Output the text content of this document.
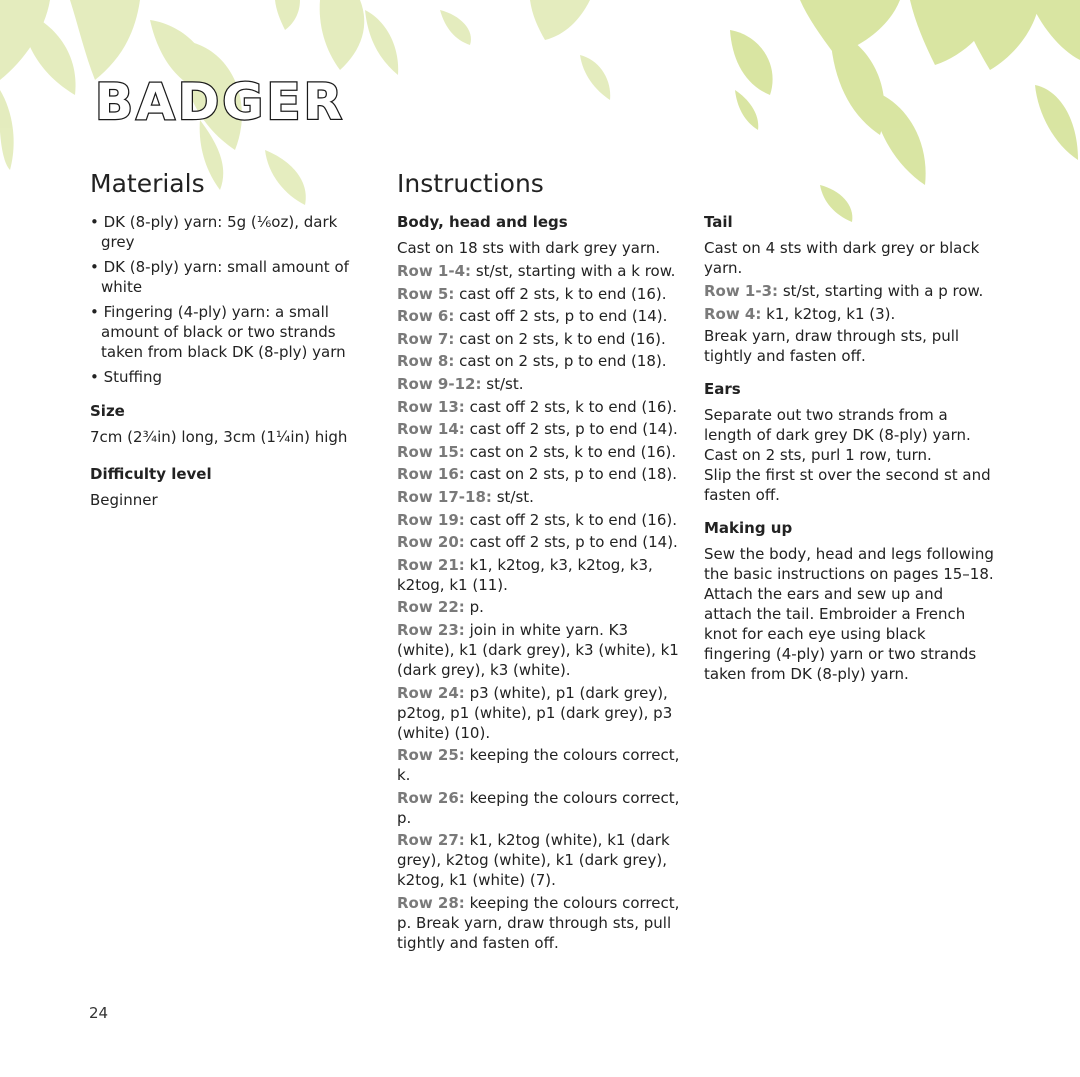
BADGER
Materials
• DK (8-ply) yarn: 5g (⅙oz), dark grey
• DK (8-ply) yarn: small amount of white
• Fingering (4-ply) yarn: a small amount of black or two strands taken from black DK (8-ply) yarn
• Stuffing
Size

7cm (2¾in) long, 3cm (1¼in) high

Difficulty level

Beginner

Instructions
Body, head and legs
Cast on 18 sts with dark grey yarn.
Row 1-4: st/st, starting with a k row.
Row 5: cast off 2 sts, k to end (16).
Row 6: cast off 2 sts, p to end (14).
Row 7: cast on 2 sts, k to end (16).
Row 8: cast on 2 sts, p to end (18).
Row 9-12: st/st.
Row 13: cast off 2 sts, k to end (16).
Row 14: cast off 2 sts, p to end (14).
Row 15: cast on 2 sts, k to end (16).
Row 16: cast on 2 sts, p to end (18).
Row 17-18: st/st.
Row 19: cast off 2 sts, k to end (16).
Row 20: cast off 2 sts, p to end (14).
Row 21: k1, k2tog, k3, k2tog, k3, k2tog, k1 (11).
Row 22: p.
Row 23: join in white yarn. K3 (white), k1 (dark grey), k3 (white), k1 (dark grey), k3 (white).
Row 24: p3 (white), p1 (dark grey), p2tog, p1 (white), p1 (dark grey), p3 (white) (10).
Row 25: keeping the colours correct, k.
Row 26: keeping the colours correct, p.
Row 27: k1, k2tog (white), k1 (dark grey), k2tog (white), k1 (dark grey), k2tog, k1 (white) (7).
Row 28: keeping the colours correct, p. Break yarn, draw through sts, pull tightly and fasten off.
Tail
Cast on 4 sts with dark grey or black yarn.
Row 1-3: st/st, starting with a p row.
Row 4: k1, k2tog, k1 (3).
Break yarn, draw through sts, pull tightly and fasten off.
Ears
Separate out two strands from a length of dark grey DK (8-ply) yarn.
Cast on 2 sts, purl 1 row, turn.
Slip the first st over the second st and fasten off.
Making up
Sew the body, head and legs following the basic instructions on pages 15–18. Attach the ears and sew up and attach the tail. Embroider a French knot for each eye using black fingering (4-ply) yarn or two strands taken from DK (8-ply) yarn.
24
